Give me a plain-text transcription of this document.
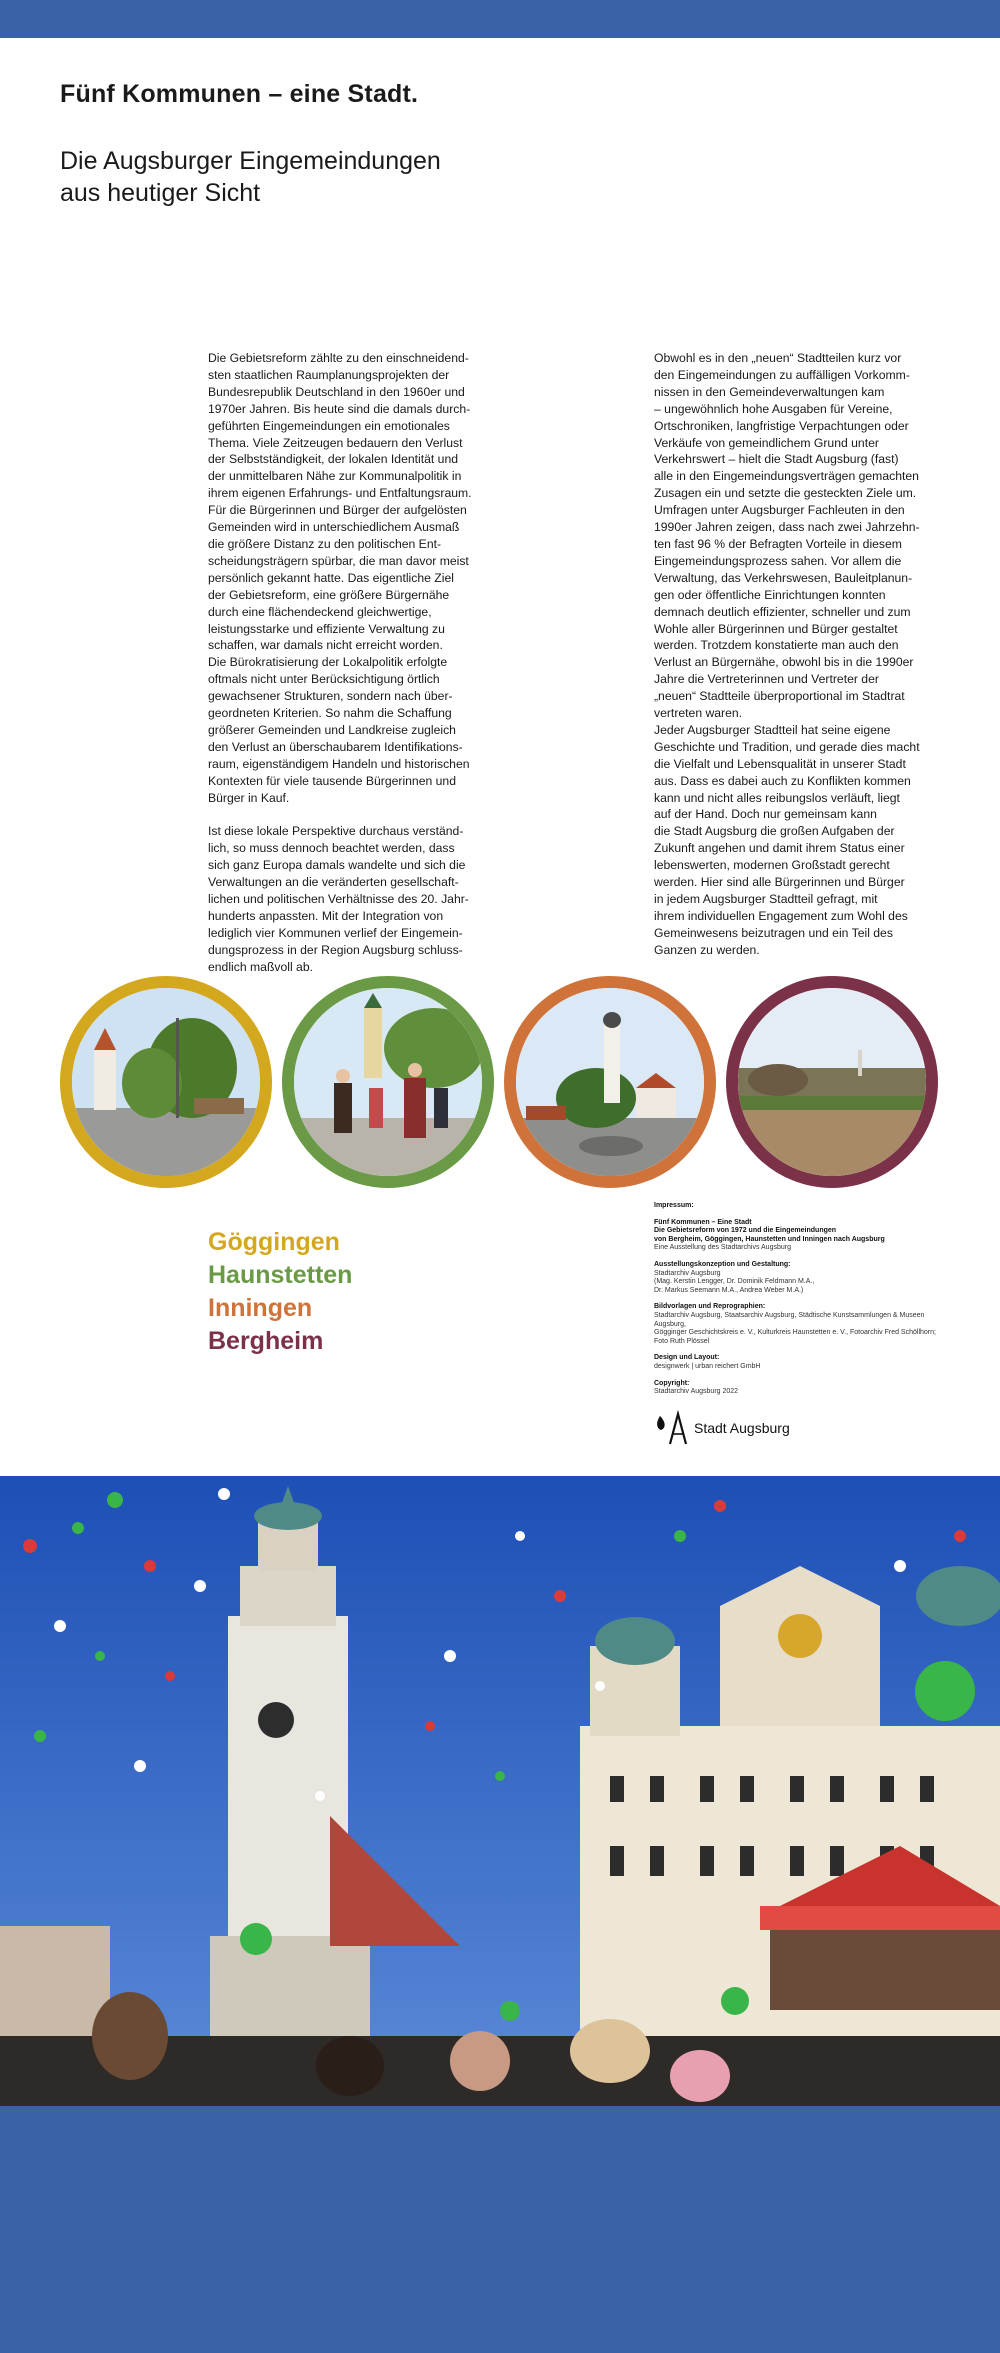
Fünf Kommunen – eine Stadt.
Die Augsburger Eingemeindungen
aus heutiger Sicht

Die Gebietsreform zählte zu den einschneidend-
sten staatlichen Raumplanungsprojekten der
Bundesrepublik Deutschland in den 1960er und
1970er Jahren. Bis heute sind die damals durch-
geführten Eingemeindungen ein emotionales
Thema. Viele Zeitzeugen bedauern den Verlust
der Selbstständigkeit, der lokalen Identität und
der unmittelbaren Nähe zur Kommunalpolitik in
ihrem eigenen Erfahrungs- und Entfaltungsraum.
Für die Bürgerinnen und Bürger der aufgelösten
Gemeinden wird in unterschiedlichem Ausmaß
die größere Distanz zu den politischen Ent-
scheidungsträgern spürbar, die man davor meist
persönlich gekannt hatte. Das eigentliche Ziel
der Gebietsreform, eine größere Bürgernähe
durch eine flächendeckend gleichwertige,
leistungsstarke und effiziente Verwaltung zu
schaffen, war damals nicht erreicht worden.
Die Bürokratisierung der Lokalpolitik erfolgte
oftmals nicht unter Berücksichtigung örtlich
gewachsener Strukturen, sondern nach über-
geordneten Kriterien. So nahm die Schaffung
größerer Gemeinden und Landkreise zugleich
den Verlust an überschaubarem Identifikations-
raum, eigenständigem Handeln und historischen
Kontexten für viele tausende Bürgerinnen und
Bürger in Kauf.

Ist diese lokale Perspektive durchaus verständ-
lich, so muss dennoch beachtet werden, dass
sich ganz Europa damals wandelte und sich die
Verwaltungen an die veränderten gesellschaft-
lichen und politischen Verhältnisse des 20. Jahr-
hunderts anpassten. Mit der Integration von
lediglich vier Kommunen verlief der Eingemein-
dungsprozess in der Region Augsburg schluss-
endlich maßvoll ab.

Obwohl es in den „neuen“ Stadtteilen kurz vor
den Eingemeindungen zu auffälligen Vorkomm-
nissen in den Gemeindeverwaltungen kam
– ungewöhnlich hohe Ausgaben für Vereine,
Ortschroniken, langfristige Verpachtungen oder
Verkäufe von gemeindlichem Grund unter
Verkehrswert – hielt die Stadt Augsburg (fast)
alle in den Eingemeindungsverträgen gemachten
Zusagen ein und setzte die gesteckten Ziele um.
Umfragen unter Augsburger Fachleuten in den
1990er Jahren zeigen, dass nach zwei Jahrzehn-
ten fast 96 % der Befragten Vorteile in diesem
Eingemeindungsprozess sahen. Vor allem die
Verwaltung, das Verkehrswesen, Bauleitplanun-
gen oder öffentliche Einrichtungen konnten
demnach deutlich effizienter, schneller und zum
Wohle aller Bürgerinnen und Bürger gestaltet
werden. Trotzdem konstatierte man auch den
Verlust an Bürgernähe, obwohl bis in die 1990er
Jahre die Vertreterinnen und Vertreter der
„neuen“ Stadtteile überproportional im Stadtrat
vertreten waren.
Jeder Augsburger Stadtteil hat seine eigene
Geschichte und Tradition, und gerade dies macht
die Vielfalt und Lebensqualität in unserer Stadt
aus. Dass es dabei auch zu Konflikten kommen
kann und nicht alles reibungslos verläuft, liegt
auf der Hand. Doch nur gemeinsam kann
die Stadt Augsburg die großen Aufgaben der
Zukunft angehen und damit ihrem Status einer
lebenswerten, modernen Großstadt gerecht
werden. Hier sind alle Bürgerinnen und Bürger
in jedem Augsburger Stadtteil gefragt, mit
ihrem individuellen Engagement zum Wohl des
Gemeinwesens beizutragen und ein Teil des
Ganzen zu werden.

Göggingen
Haunstetten
Inningen
Bergheim
Impressum:
Fünf Kommunen – Eine Stadt
Die Gebietsreform von 1972 und die Eingemeindungen
von Bergheim, Göggingen, Haunstetten und Inningen nach Augsburg
Eine Ausstellung des Stadtarchivs Augsburg
Ausstellungskonzeption und Gestaltung:
Stadtarchiv Augsburg
(Mag. Kerstin Lengger, Dr. Dominik Feldmann M.A.,
Dr. Markus Seemann M.A., Andrea Weber M.A.)
Bildvorlagen und Reprographien:
Stadtarchiv Augsburg, Staatsarchiv Augsburg, Städtische Kunstsammlungen & Museen Augsburg,
Gögginger Geschichtskreis e. V., Kulturkreis Haunstetten e. V., Fotoarchiv Fred Schöllhorn;
Foto Ruth Plössel
Design und Layout:
designwerk | urban reichert GmbH
Copyright:
Stadtarchiv Augsburg 2022
Stadt Augsburg
